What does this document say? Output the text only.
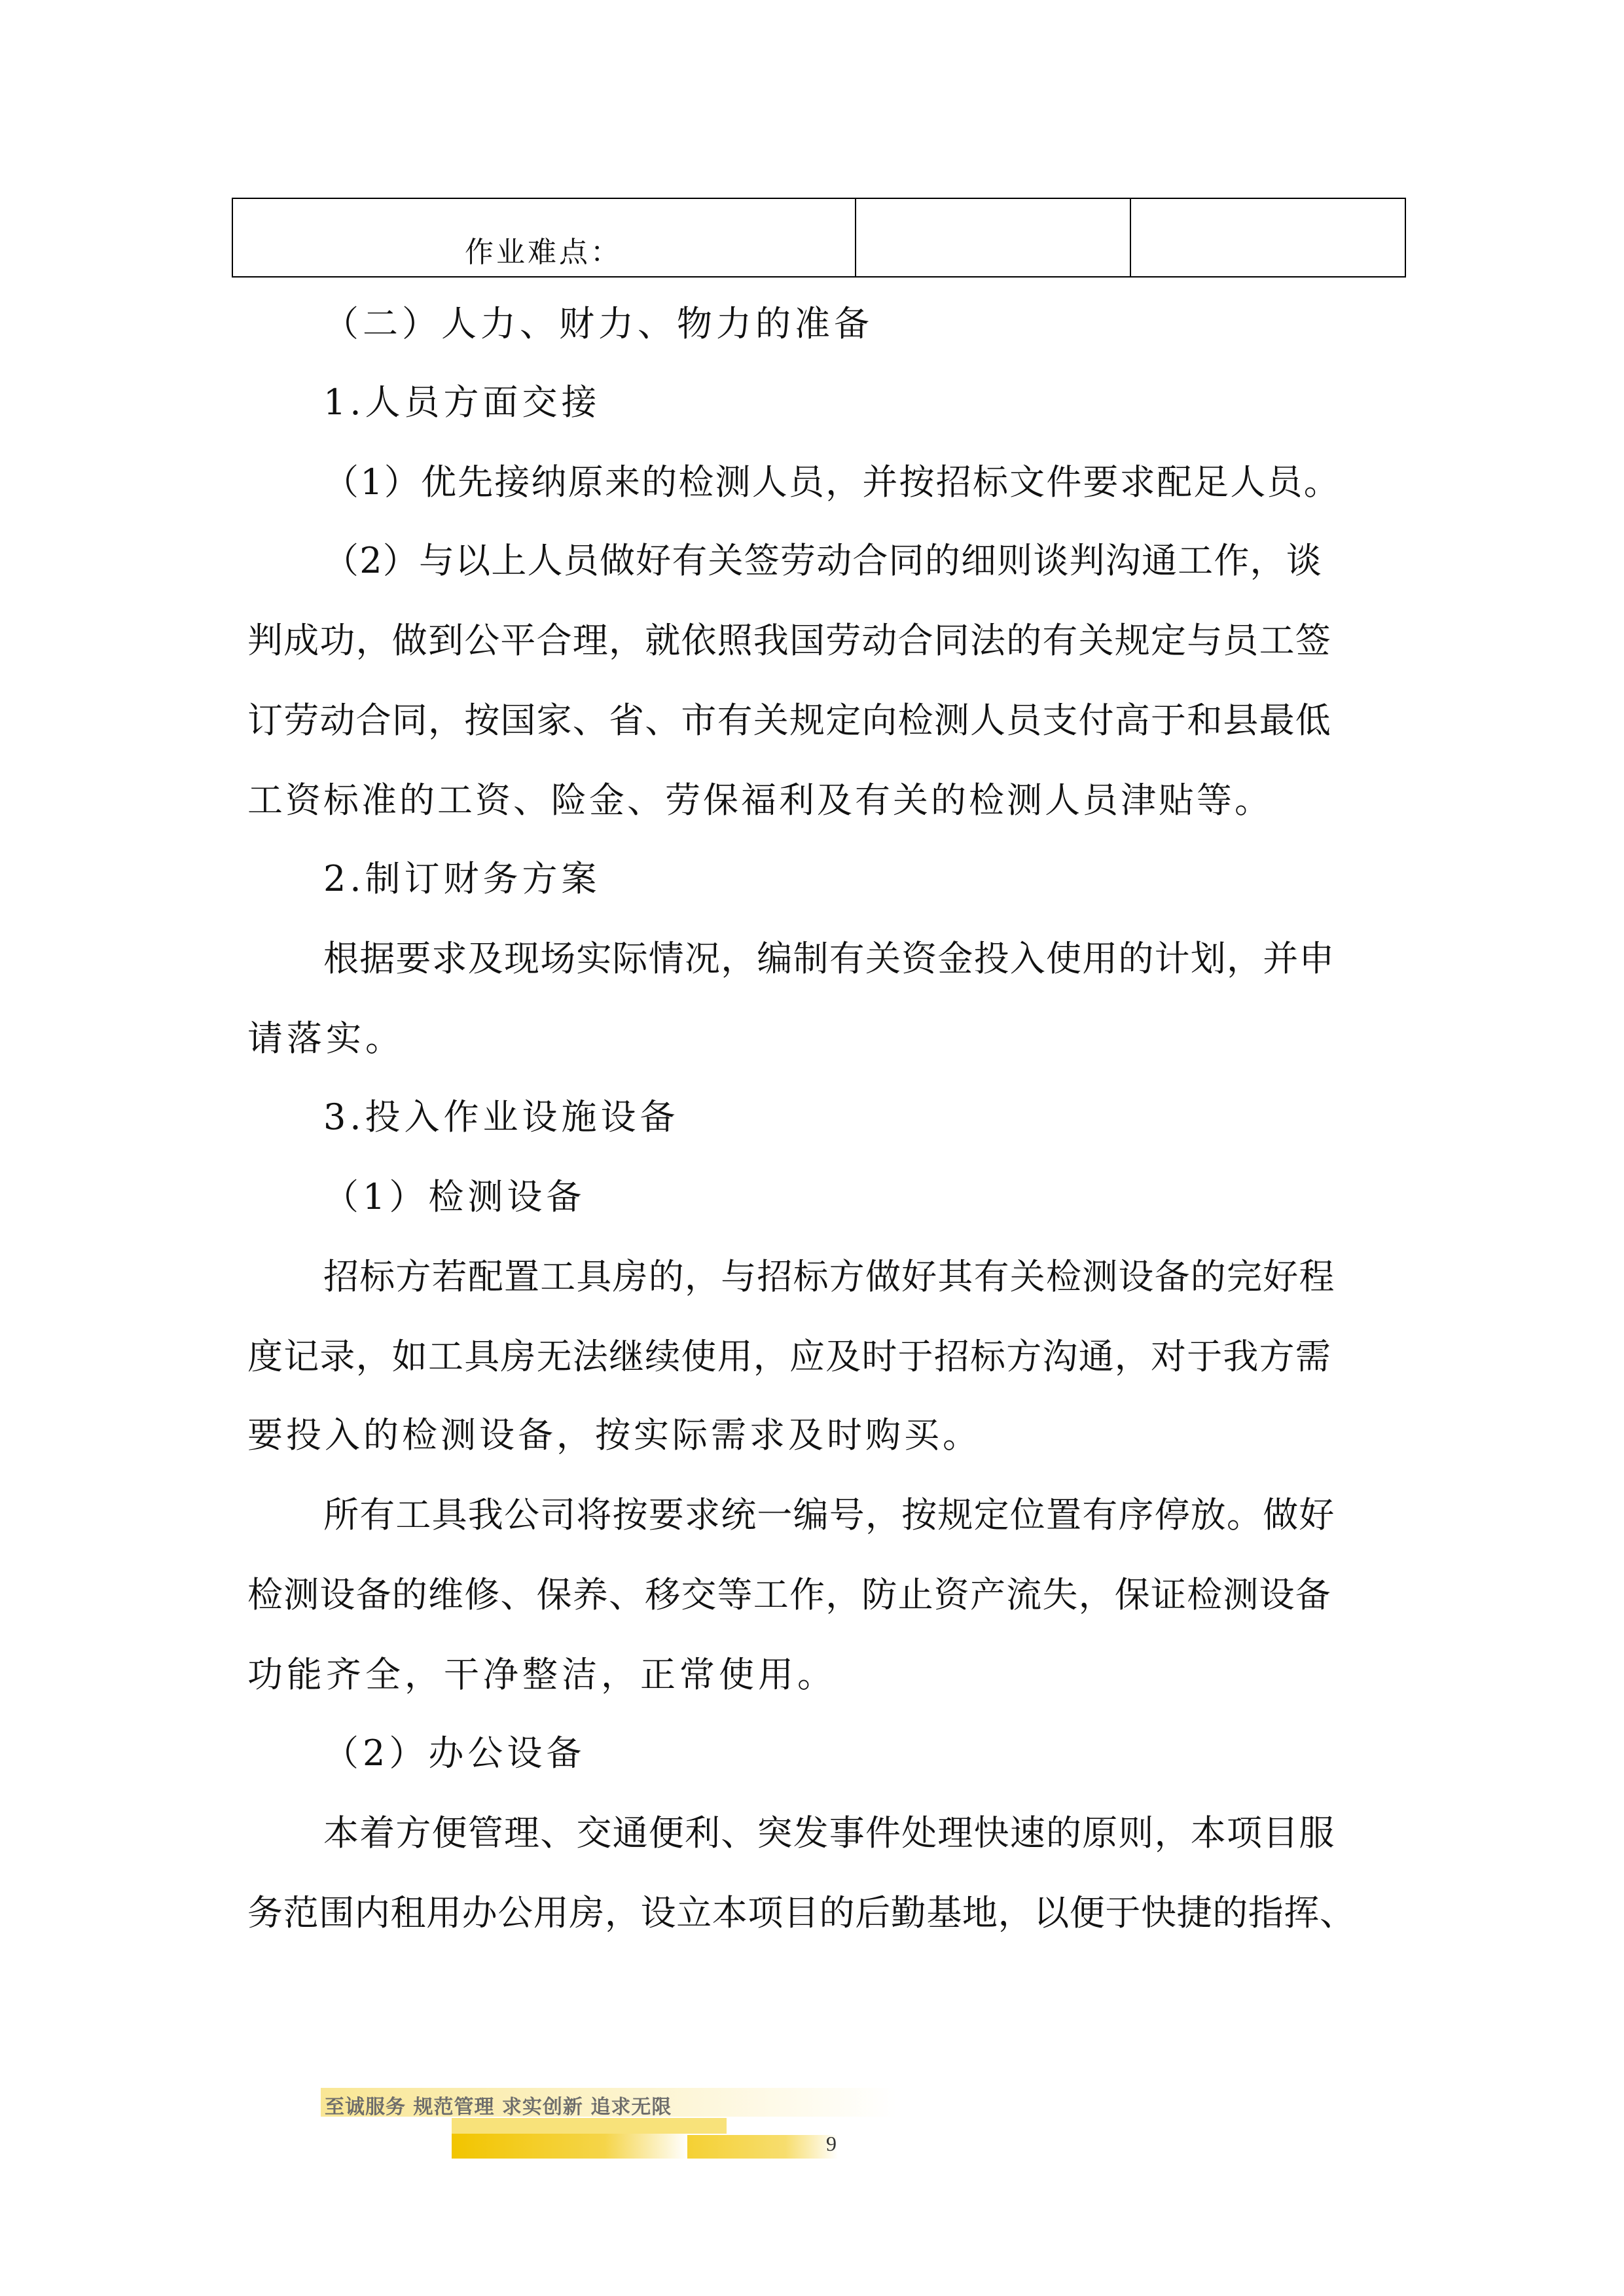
作业难点：

（二）人力、财力、物力的准备

1.人员方面交接

（1）优先接纳原来的检测人员，并按招标文件要求配足人员。

（2）与以上人员做好有关签劳动合同的细则谈判沟通工作，谈

判成功，做到公平合理，就依照我国劳动合同法的有关规定与员工签

订劳动合同，按国家、省、市有关规定向检测人员支付高于和县最低

工资标准的工资、险金、劳保福利及有关的检测人员津贴等。

2.制订财务方案

根据要求及现场实际情况，编制有关资金投入使用的计划，并申

请落实。

3.投入作业设施设备

（1）检测设备

招标方若配置工具房的，与招标方做好其有关检测设备的完好程

度记录，如工具房无法继续使用，应及时于招标方沟通，对于我方需

要投入的检测设备，按实际需求及时购买。

所有工具我公司将按要求统一编号，按规定位置有序停放。做好

检测设备的维修、保养、移交等工作，防止资产流失，保证检测设备

功能齐全，干净整洁，正常使用。

（2）办公设备

本着方便管理、交通便利、突发事件处理快速的原则，本项目服

务范围内租用办公用房，设立本项目的后勤基地，以便于快捷的指挥、

至诚服务 规范管理 求实创新 追求无限
9
